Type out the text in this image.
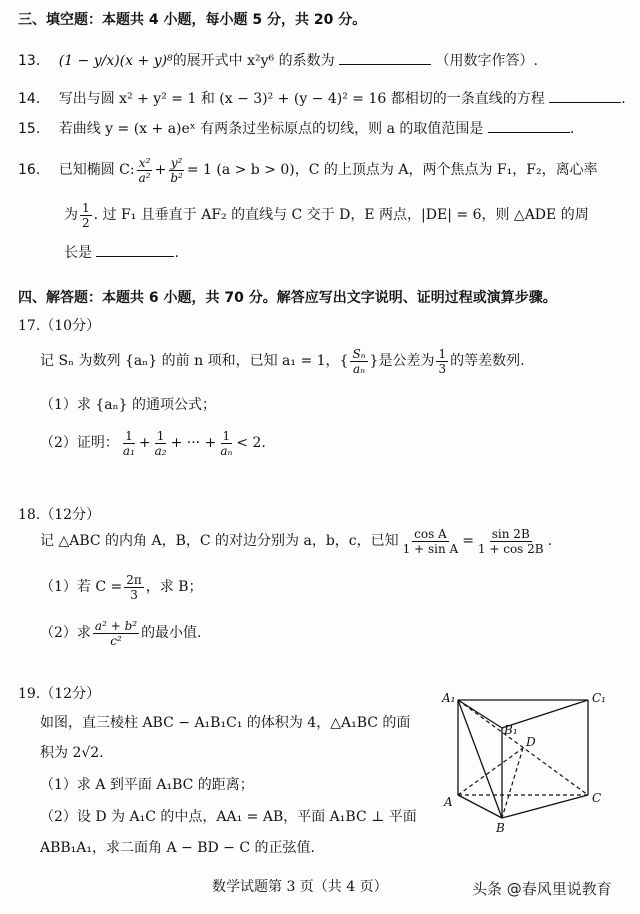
三、填空题：本题共 4 小题，每小题 5 分，共 20 分。
13. (1 − y/x)(x + y)⁸的展开式中 x²y⁶ 的系数为	（用数字作答）.
14. 写出与圆 x² + y² = 1 和 (x − 3)² + (y − 4)² = 16 都相切的一条直线的方程	.
15. 若曲线 y = (x + a)eˣ 有两条过坐标原点的切线，则 a 的取值范围是	.
16. 已知椭圆 C: $\frac{\text{x²}}{\text{a²}} + \frac{\text{y²}}{\text{b²}} = 1$ (a > b > 0)，C 的上顶点为 A，两个焦点为 F₁，F₂，离心率
为 $\frac{1}{2}$ . 过 F₁ 且垂直于 AF₂ 的直线与 C 交于 D，E 两点，|DE| = 6，则 △ADE 的周
长是	.
四、解答题：本题共 6 小题，共 70 分。解答应写出文字说明、证明过程或演算步骤。
17.（10分）
记 Sₙ 为数列 {aₙ} 的前 n 项和，已知 a₁ = 1，{ $\frac{\text{Sₙ}}{\text{aₙ}}$ }是公差为 $\frac{1}{3}$ 的等差数列.
（1）求 {aₙ} 的通项公式；
（2）证明： $\frac{1}{\text{a₁}} + \frac{1}{\text{a₂}}$ + ··· + $\frac{1}{\text{aₙ}} < 2$.
18.（12分）
记 △ABC 的内角 A，B，C 的对边分别为 a，b，c，已知 $\frac{\text{cos A}}{\text{1 + sin A}} = \frac{\sin 2B}{1 + \cos 2B}$ .
（1）若 $C = \frac{2\pi}{3}$ ，求 B；
（2）求 $\frac{\text{a² + b²}}{\text{c²}}$ 的最小值.
19.（12分）
如图，直三棱柱 ABC − A₁B₁C₁ 的体积为 4，△A₁BC 的面
积为 2√2.
（1）求 A 到平面 A₁BC 的距离；
（2）设 D 为 A₁C 的中点，AA₁ = AB，平面 A₁BC ⊥ 平面
ABB₁A₁，求二面角 A − BD − C 的正弦值.
A₁	C₁
B₁
D
A
B
C
数学试题第 3 页（共 4 页）	头条 @春风里说教育
